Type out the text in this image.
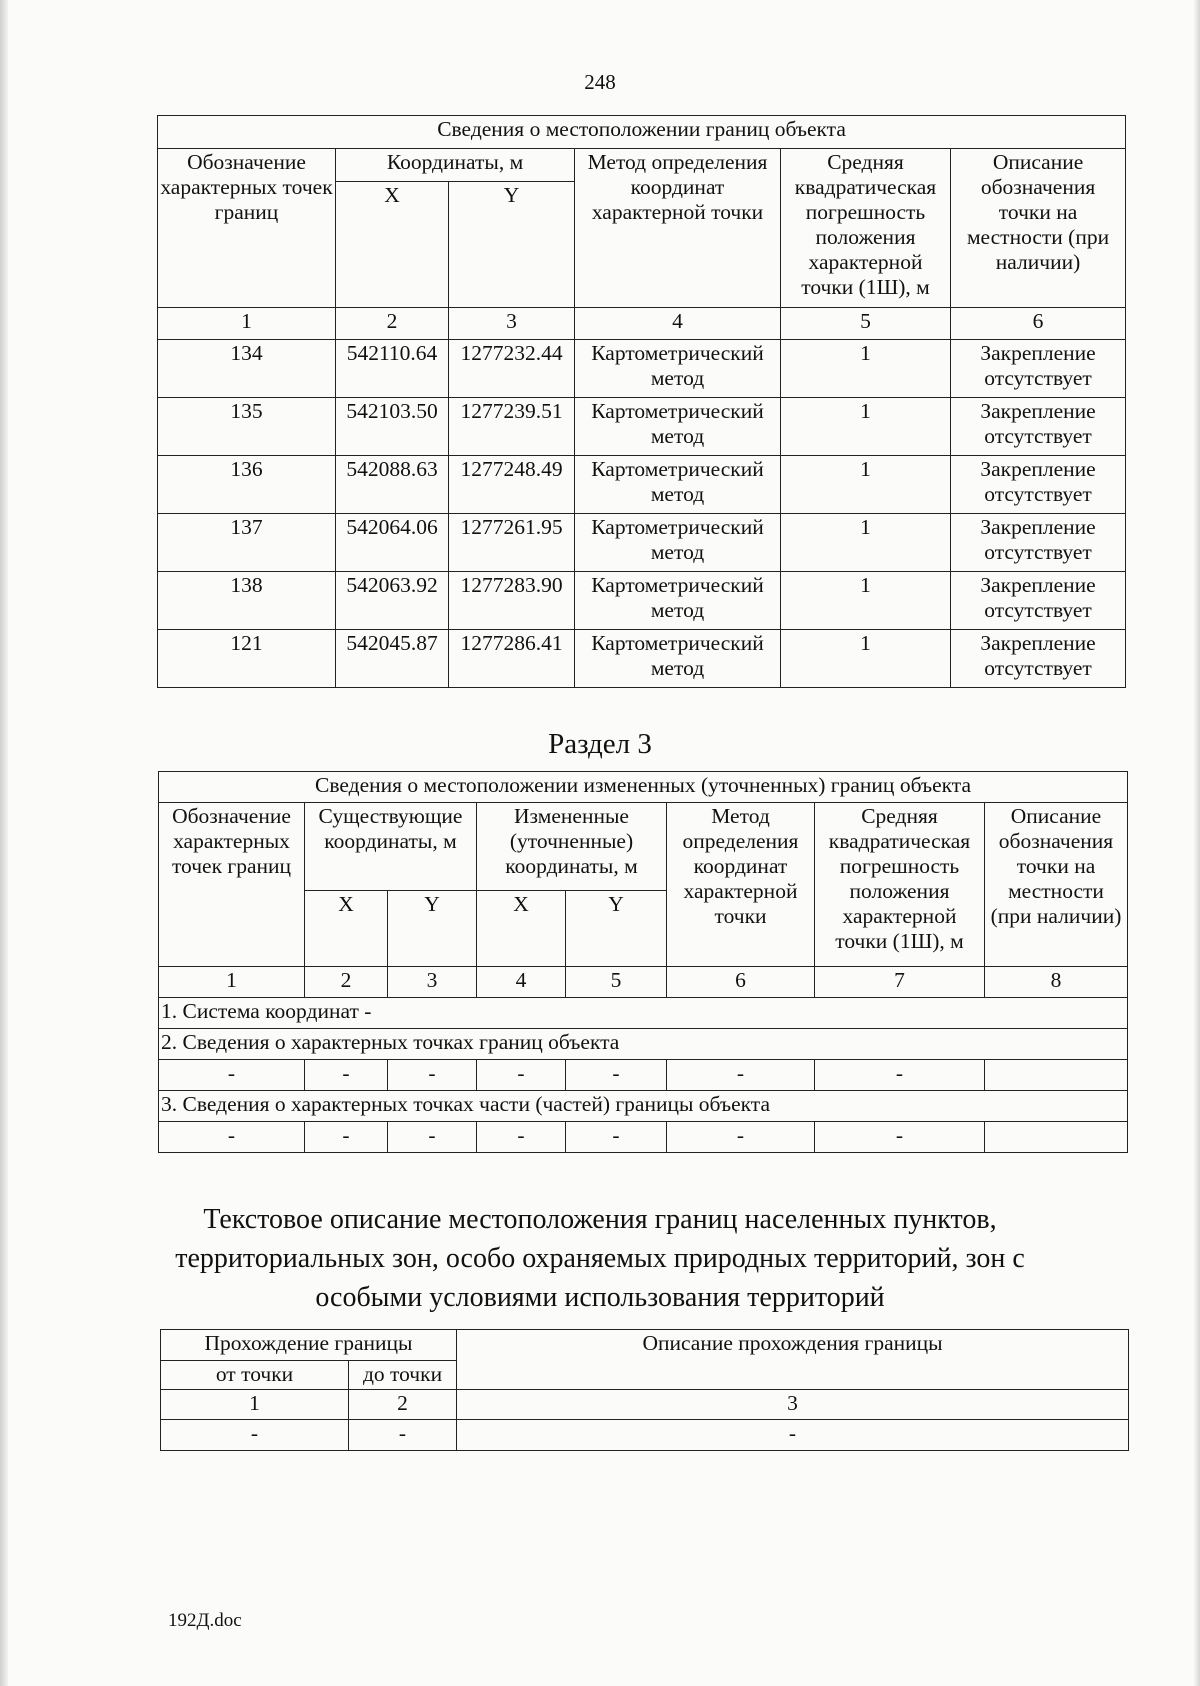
248
Сведения о местоположении границ объекта					
Обозначение характерных точек границ	Координаты, м		Метод определения координат характерной точки	Средняя квадратическая погрешность положения характерной точки (1Ш), м	Описание обозначения точки на местности (при наличии)
	X	Y			
1	2	3	4	5	6
134	542110.64	1277232.44	Картометрический метод	1	Закрепление отсутствует
135	542103.50	1277239.51	Картометрический метод	1	Закрепление отсутствует
136	542088.63	1277248.49	Картометрический метод	1	Закрепление отсутствует
137	542064.06	1277261.95	Картометрический метод	1	Закрепление отсутствует
138	542063.92	1277283.90	Картометрический метод	1	Закрепление отсутствует
121	542045.87	1277286.41	Картометрический метод	1	Закрепление отсутствует
Раздел 3
Сведения о местоположении измененных (уточненных) границ объекта							
Обозначение характерных точек границ	Существующие координаты, м		Измененные (уточненные) координаты, м		Метод определения координат характерной точки	Средняя квадратическая погрешность положения характерной точки (1Ш), м	Описание обозначения точки на местности (при наличии)
	X	Y	X	Y			
1	2	3	4	5	6	7	8
1. Система координат -							
2. Сведения о характерных точках границ объекта							
-	-	-	-	-	-	-	
3. Сведения о характерных точках части (частей) границы объекта							
-	-	-	-	-	-	-	
Текстовое описание местоположения границ населенных пунктов, территориальных зон, особо охраняемых природных территорий, зон с особыми условиями использования территорий
Прохождение границы		Описание прохождения границы
от точки	до точки	
1	2	3
-	-	-
192Д.doc
